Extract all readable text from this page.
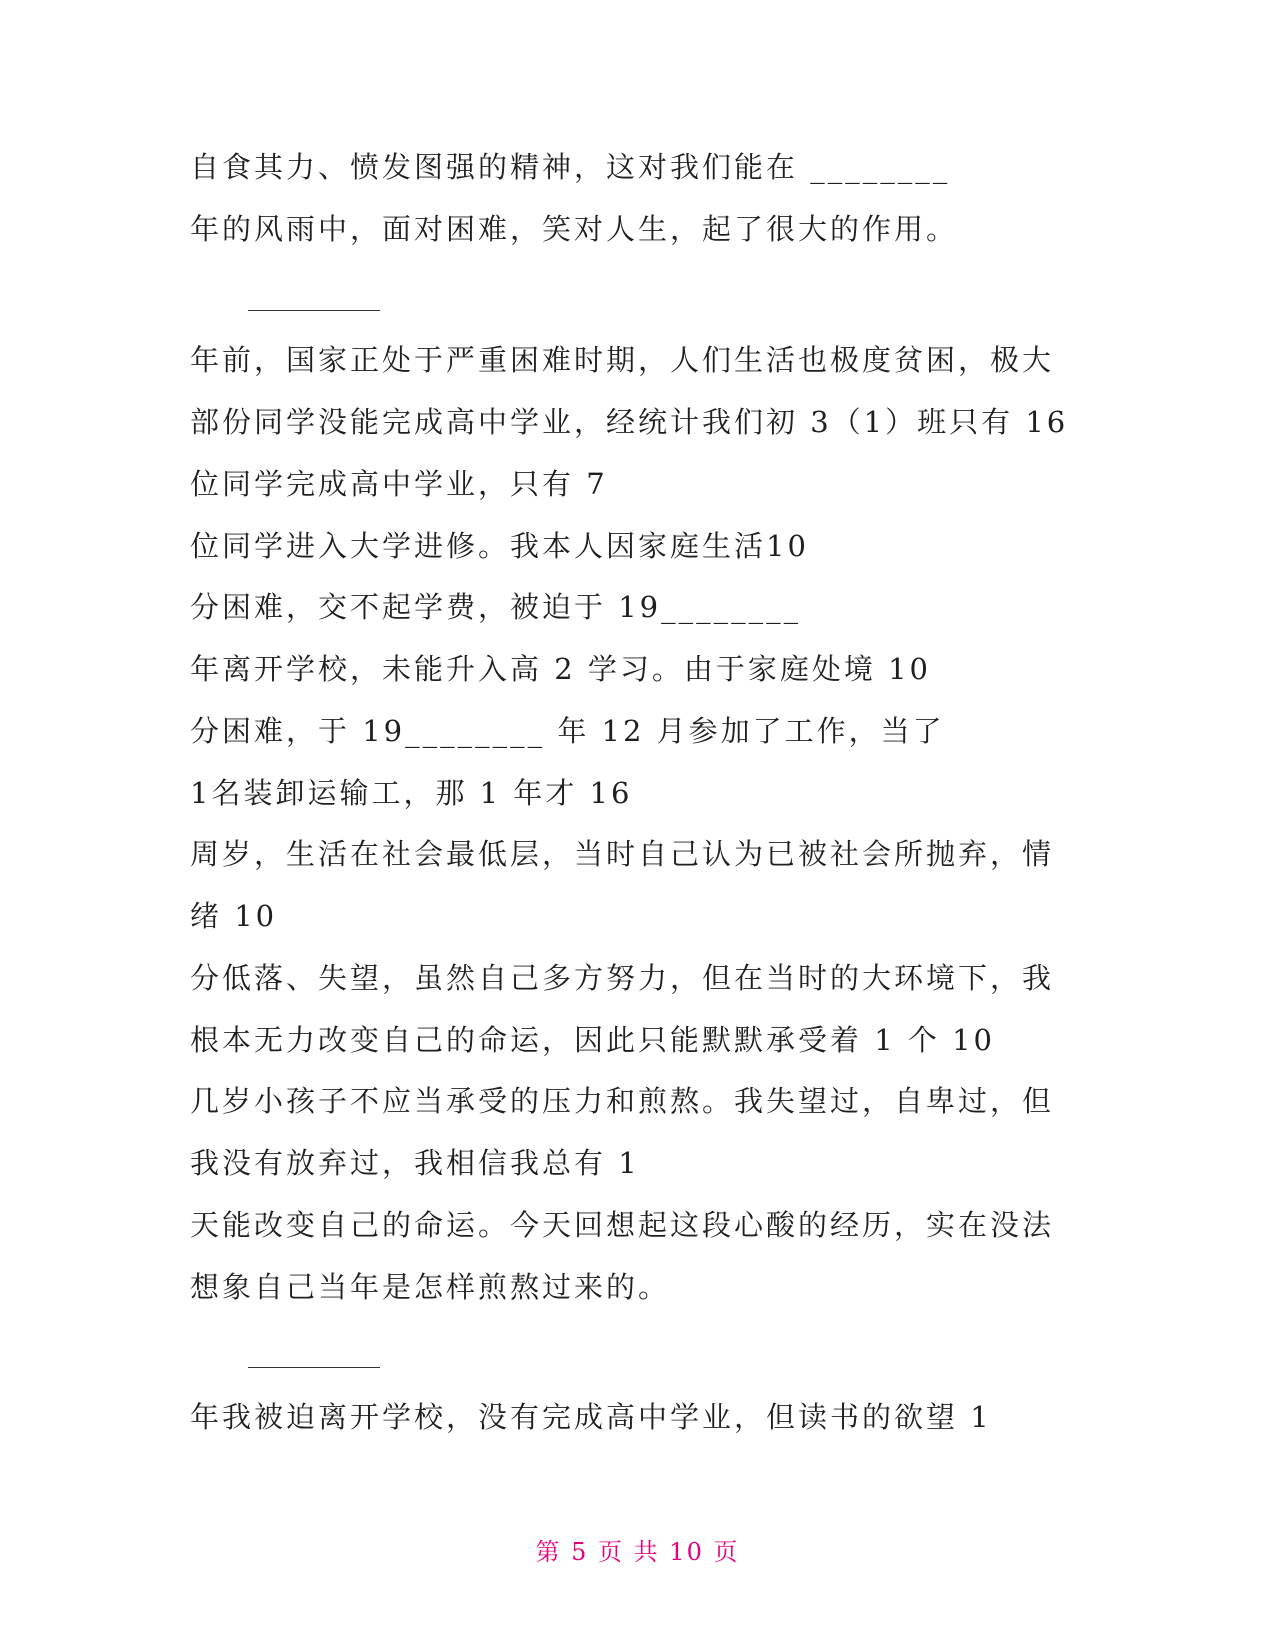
自食其力、愤发图强的精神，这对我们能在 ________
年的风雨中，面对困难，笑对人生，起了很大的作用。
年前，国家正处于严重困难时期，人们生活也极度贫困，极大
部份同学没能完成高中学业，经统计我们初 3（1）班只有 16
位同学完成高中学业，只有 7
位同学进入大学进修。我本人因家庭生活10
分困难，交不起学费，被迫于 19________
年离开学校，未能升入高 2 学习。由于家庭处境 10
分困难，于 19________ 年 12 月参加了工作，当了
1名装卸运输工，那 1 年才 16
周岁，生活在社会最低层，当时自己认为已被社会所抛弃，情
绪 10
分低落、失望，虽然自己多方努力，但在当时的大环境下，我
根本无力改变自己的命运，因此只能默默承受着 1 个 10
几岁小孩子不应当承受的压力和煎熬。我失望过，自卑过，但
我没有放弃过，我相信我总有 1
天能改变自己的命运。今天回想起这段心酸的经历，实在没法
想象自己当年是怎样煎熬过来的。
年我被迫离开学校，没有完成高中学业，但读书的欲望 1
第 5 页 共 10 页
